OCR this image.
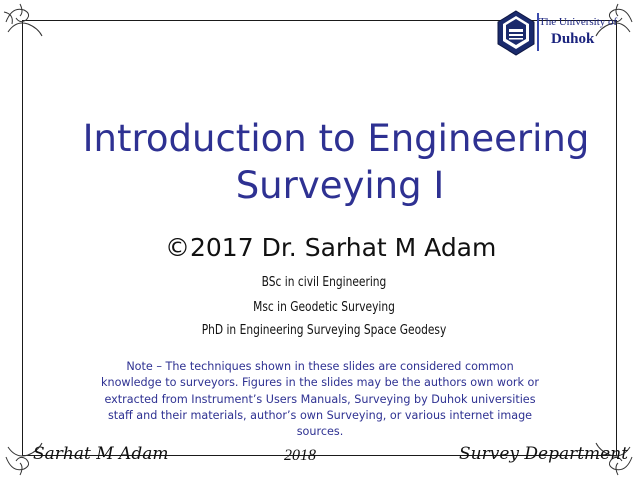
The University of
Duhok
Introduction to Engineering
Surveying I
©2017 Dr. Sarhat M Adam
BSc in civil Engineering
Msc in Geodetic Surveying
PhD in Engineering Surveying Space Geodesy
Note – The techniques shown in these slides are considered common knowledge to surveyors. Figures in the slides may be the authors own work or extracted from Instrument’s Users Manuals, Surveying by Duhok universities staff and their materials, author’s own Surveying, or various internet image sources.
Sarhat M Adam	2018	Survey Department
